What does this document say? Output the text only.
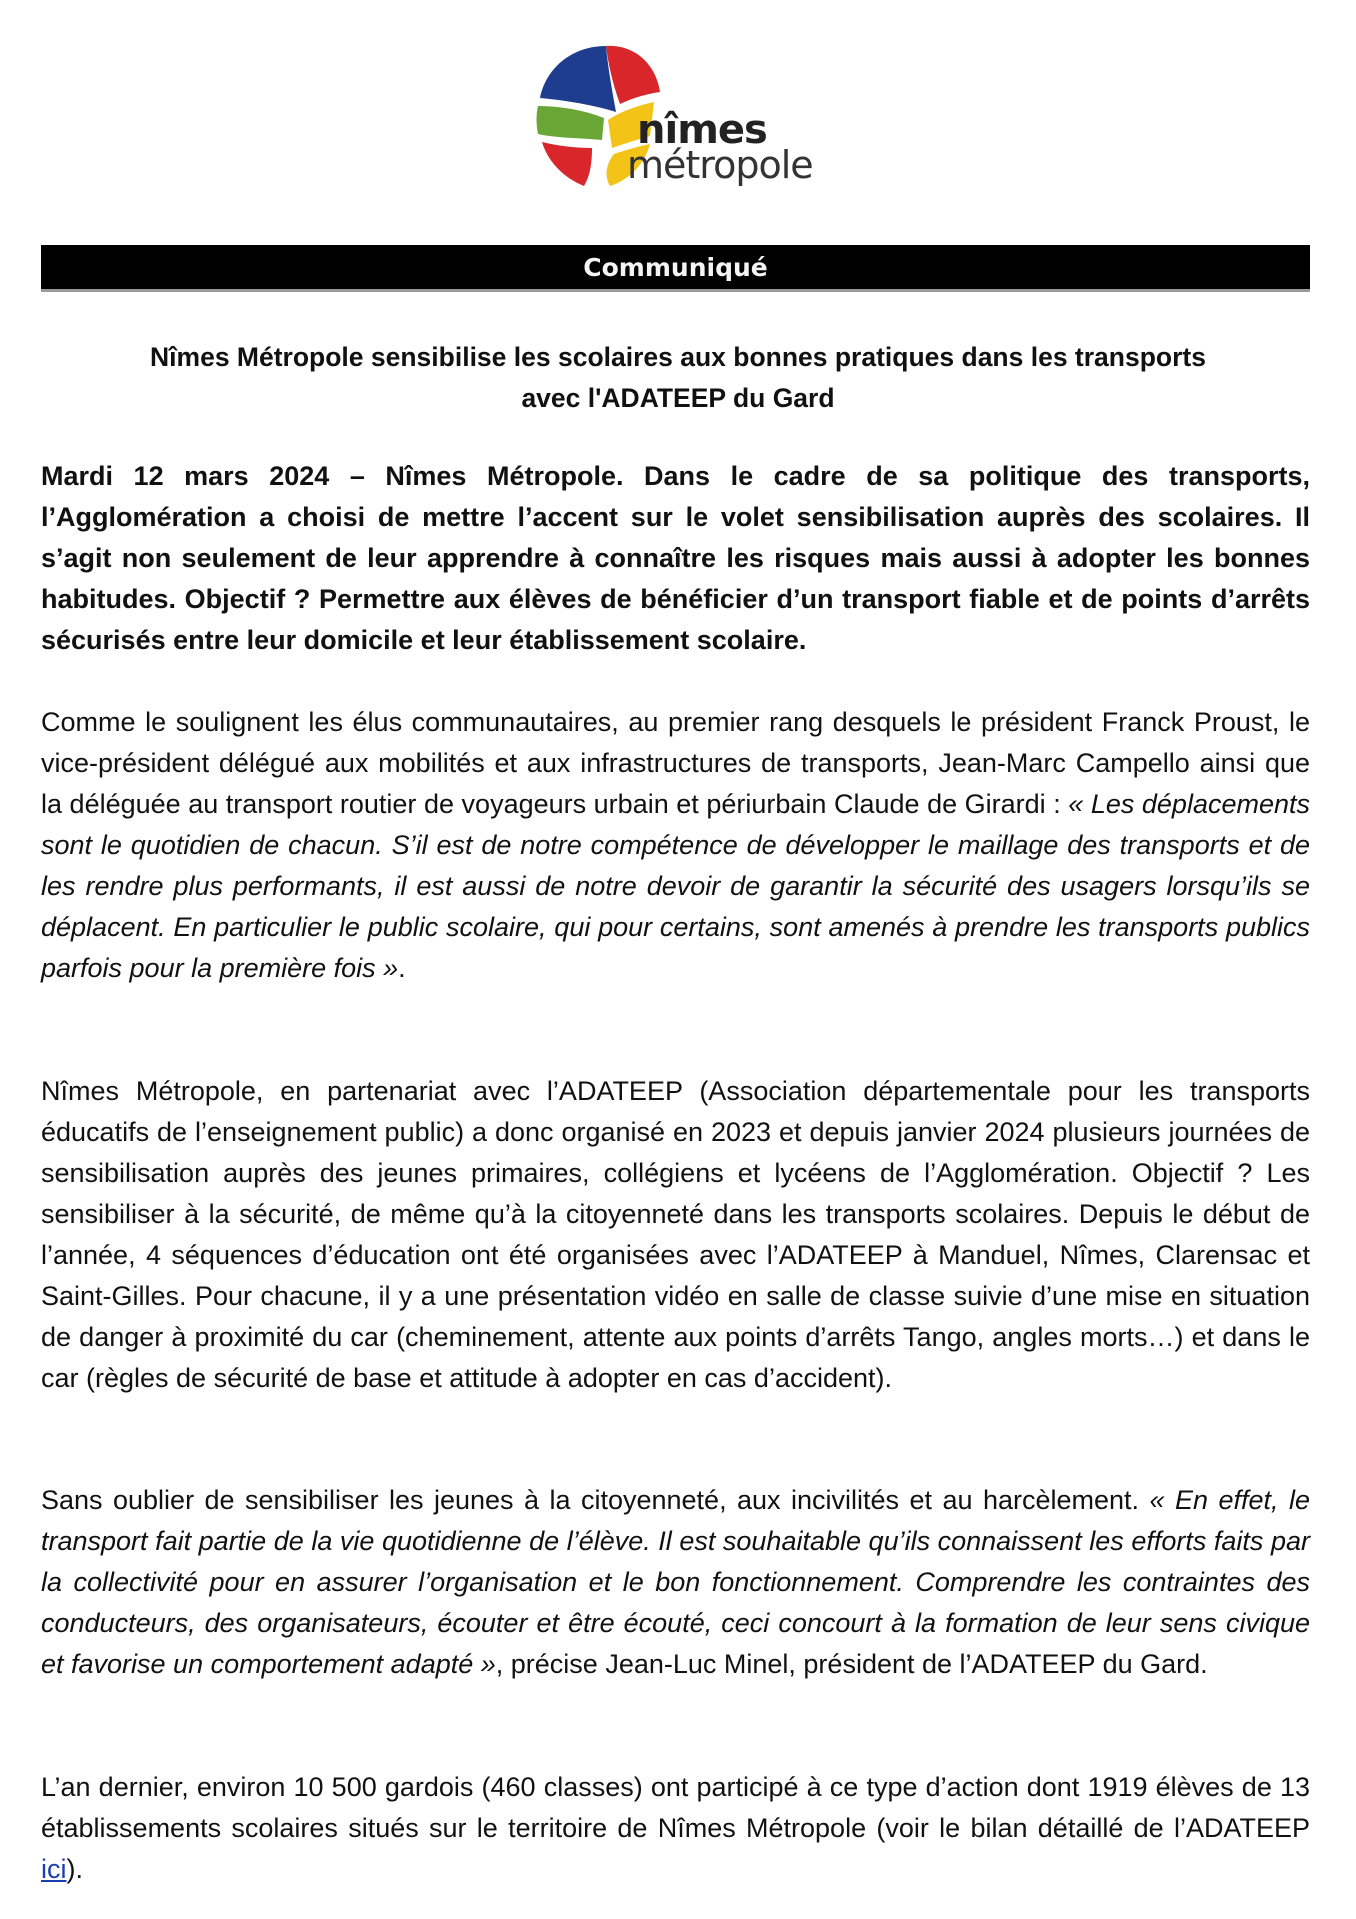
nîmes
métropole
Communiqué

Nîmes Métropole sensibilise les scolaires aux bonnes pratiques dans les transports
avec l'ADATEEP du Gard

Mardi 12 mars 2024 – Nîmes Métropole. Dans le cadre de sa politique des transports, l’Agglomération a choisi de mettre l’accent sur le volet sensibilisation auprès des scolaires. Il s’agit non seulement de leur apprendre à connaître les risques mais aussi à adopter les bonnes habitudes. Objectif ? Permettre aux élèves de bénéficier d’un transport fiable et de points d’arrêts sécurisés entre leur domicile et leur établissement scolaire.

Comme le soulignent les élus communautaires, au premier rang desquels le président Franck Proust, le vice-président délégué aux mobilités et aux infrastructures de transports, Jean-Marc Campello ainsi que la déléguée au transport routier de voyageurs urbain et périurbain Claude de Girardi : « Les déplacements sont le quotidien de chacun. S’il est de notre compétence de développer le maillage des transports et de les rendre plus performants, il est aussi de notre devoir de garantir la sécurité des usagers lorsqu’ils se déplacent. En particulier le public scolaire, qui pour certains, sont amenés à prendre les transports publics parfois pour la première fois ».

Nîmes Métropole, en partenariat avec l’ADATEEP (Association départementale pour les transports éducatifs de l’enseignement public) a donc organisé en 2023 et depuis janvier 2024 plusieurs journées de sensibilisation auprès des jeunes primaires, collégiens et lycéens de l’Agglomération. Objectif ? Les sensibiliser à la sécurité, de même qu’à la citoyenneté dans les transports scolaires. Depuis le début de l’année, 4 séquences d’éducation ont été organisées avec l’ADATEEP à Manduel, Nîmes, Clarensac et Saint-Gilles. Pour chacune, il y a une présentation vidéo en salle de classe suivie d’une mise en situation de danger à proximité du car (cheminement, attente aux points d’arrêts Tango, angles morts…) et dans le car (règles de sécurité de base et attitude à adopter en cas d’accident).

Sans oublier de sensibiliser les jeunes à la citoyenneté, aux incivilités et au harcèlement. « En effet, le transport fait partie de la vie quotidienne de l’élève. Il est souhaitable qu’ils connaissent les efforts faits par la collectivité pour en assurer l’organisation et le bon fonctionnement. Comprendre les contraintes des conducteurs, des organisateurs, écouter et être écouté, ceci concourt à la formation de leur sens civique et favorise un comportement adapté », précise Jean-Luc Minel, président de l’ADATEEP du Gard.

L’an dernier, environ 10 500 gardois (460 classes) ont participé à ce type d’action dont 1919 élèves de 13 établissements scolaires situés sur le territoire de Nîmes Métropole (voir le bilan détaillé de l’ADATEEP ici).
